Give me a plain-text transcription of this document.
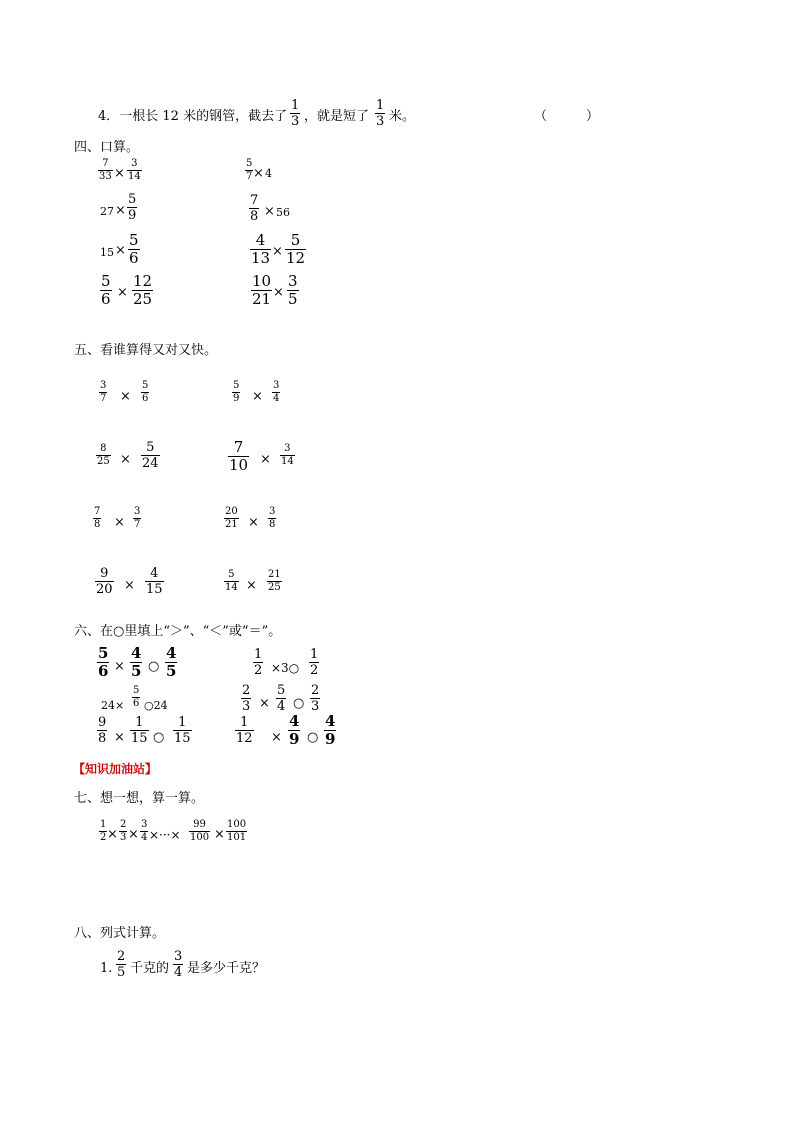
4．一根长 12 米的钢管，截去了
1
3 ，就是短了
1
3 米。	（　　　）
四、口算。
7
33 ×
3
14
5
7 × 4
27 ×
5
9
7
8 × 56
15 ×
5
6
4
13 ×
5
12
5
6 ×
12
25
10
21 ×
3
5
五、看谁算得又对又快。
3
7 ×
5
6
5
9 ×
3
4
8
25 ×
5
24
7
10 ×
3
14
7
8 ×
3
7
20
21 ×
3
8
9
20 ×
4
15
5
14 ×
21
25
六、在○里填上“＞”、“＜”或“＝”。
5
6 ×
4
5 ○
4
5
1
2 ×3○
1
2
24×
5
6 ○24
2
3 ×
5
4 ○
2
3
9
8 ×
1
15 ○
1
15
1
12 ×
4
9 ○
4
9
【知识加油站】
七、想一想，算一算。
1
2 ×
2
3 ×
3
4 ×···×
99
100 ×
100
101
八、列式计算。
1.
2
5 千克的
3
4 是多少千克？
